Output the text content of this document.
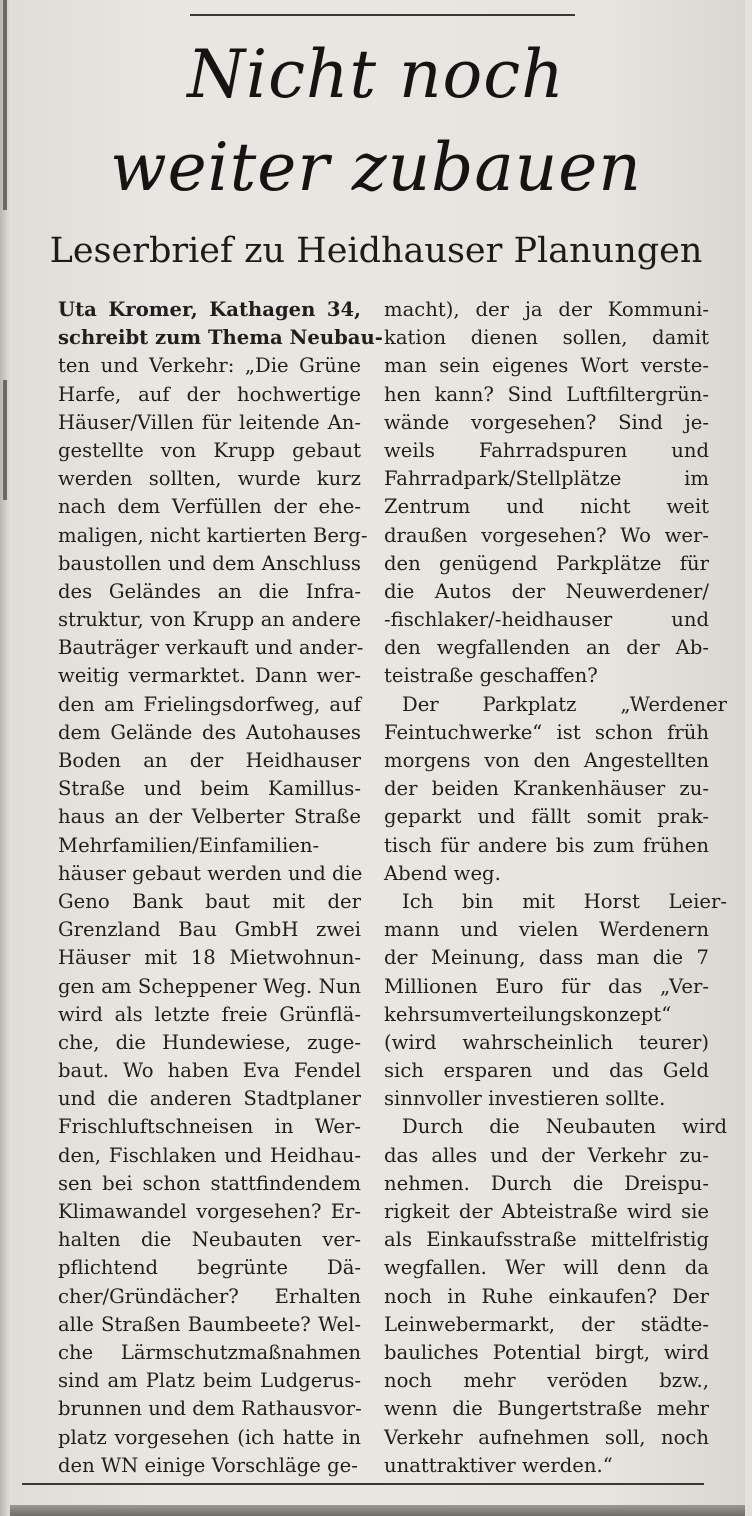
Nicht noch
weiter zubauen
Leserbrief zu Heidhauser Planungen
Uta Kromer, Kathagen 34,
schreibt zum Thema Neubau-
ten und Verkehr: „Die Grüne
Harfe, auf der hochwertige
Häuser/Villen für leitende An-
gestellte von Krupp gebaut
werden sollten, wurde kurz
nach dem Verfüllen der ehe-
maligen, nicht kartierten Berg-
baustollen und dem Anschluss
des Geländes an die Infra-
struktur, von Krupp an andere
Bauträger verkauft und ander-
weitig vermarktet. Dann wer-
den am Frielingsdorfweg, auf
dem Gelände des Autohauses
Boden an der Heidhauser
Straße und beim Kamillus-
haus an der Velberter Straße
Mehrfamilien/Einfamilien-
häuser gebaut werden und die
Geno Bank baut mit der
Grenzland Bau GmbH zwei
Häuser mit 18 Mietwohnun-
gen am Scheppener Weg. Nun
wird als letzte freie Grünflä-
che, die Hundewiese, zuge-
baut. Wo haben Eva Fendel
und die anderen Stadtplaner
Frischluftschneisen in Wer-
den, Fischlaken und Heidhau-
sen bei schon stattfindendem
Klimawandel vorgesehen? Er-
halten die Neubauten ver-
pflichtend begrünte Dä-
cher/Gründächer? Erhalten
alle Straßen Baumbeete? Wel-
che Lärmschutzmaßnahmen
sind am Platz beim Ludgerus-
brunnen und dem Rathausvor-
platz vorgesehen (ich hatte in
den WN einige Vorschläge ge-
macht), der ja der Kommuni-
kation dienen sollen, damit
man sein eigenes Wort verste-
hen kann? Sind Luftfiltergrün-
wände vorgesehen? Sind je-
weils Fahrradspuren und
Fahrradpark/Stellplätze im
Zentrum und nicht weit
draußen vorgesehen? Wo wer-
den genügend Parkplätze für
die Autos der Neuwerdener/
-fischlaker/-heidhauser und
den wegfallenden an der Ab-
teistraße geschaffen?
Der Parkplatz „Werdener
Feintuchwerke“ ist schon früh
morgens von den Angestellten
der beiden Krankenhäuser zu-
geparkt und fällt somit prak-
tisch für andere bis zum frühen
Abend weg.
Ich bin mit Horst Leier-
mann und vielen Werdenern
der Meinung, dass man die 7
Millionen Euro für das „Ver-
kehrsumverteilungskonzept“
(wird wahrscheinlich teurer)
sich ersparen und das Geld
sinnvoller investieren sollte.
Durch die Neubauten wird
das alles und der Verkehr zu-
nehmen. Durch die Dreispu-
rigkeit der Abteistraße wird sie
als Einkaufsstraße mittelfristig
wegfallen. Wer will denn da
noch in Ruhe einkaufen? Der
Leinwebermarkt, der städte-
bauliches Potential birgt, wird
noch mehr veröden bzw.,
wenn die Bungertstraße mehr
Verkehr aufnehmen soll, noch
unattraktiver werden.“
